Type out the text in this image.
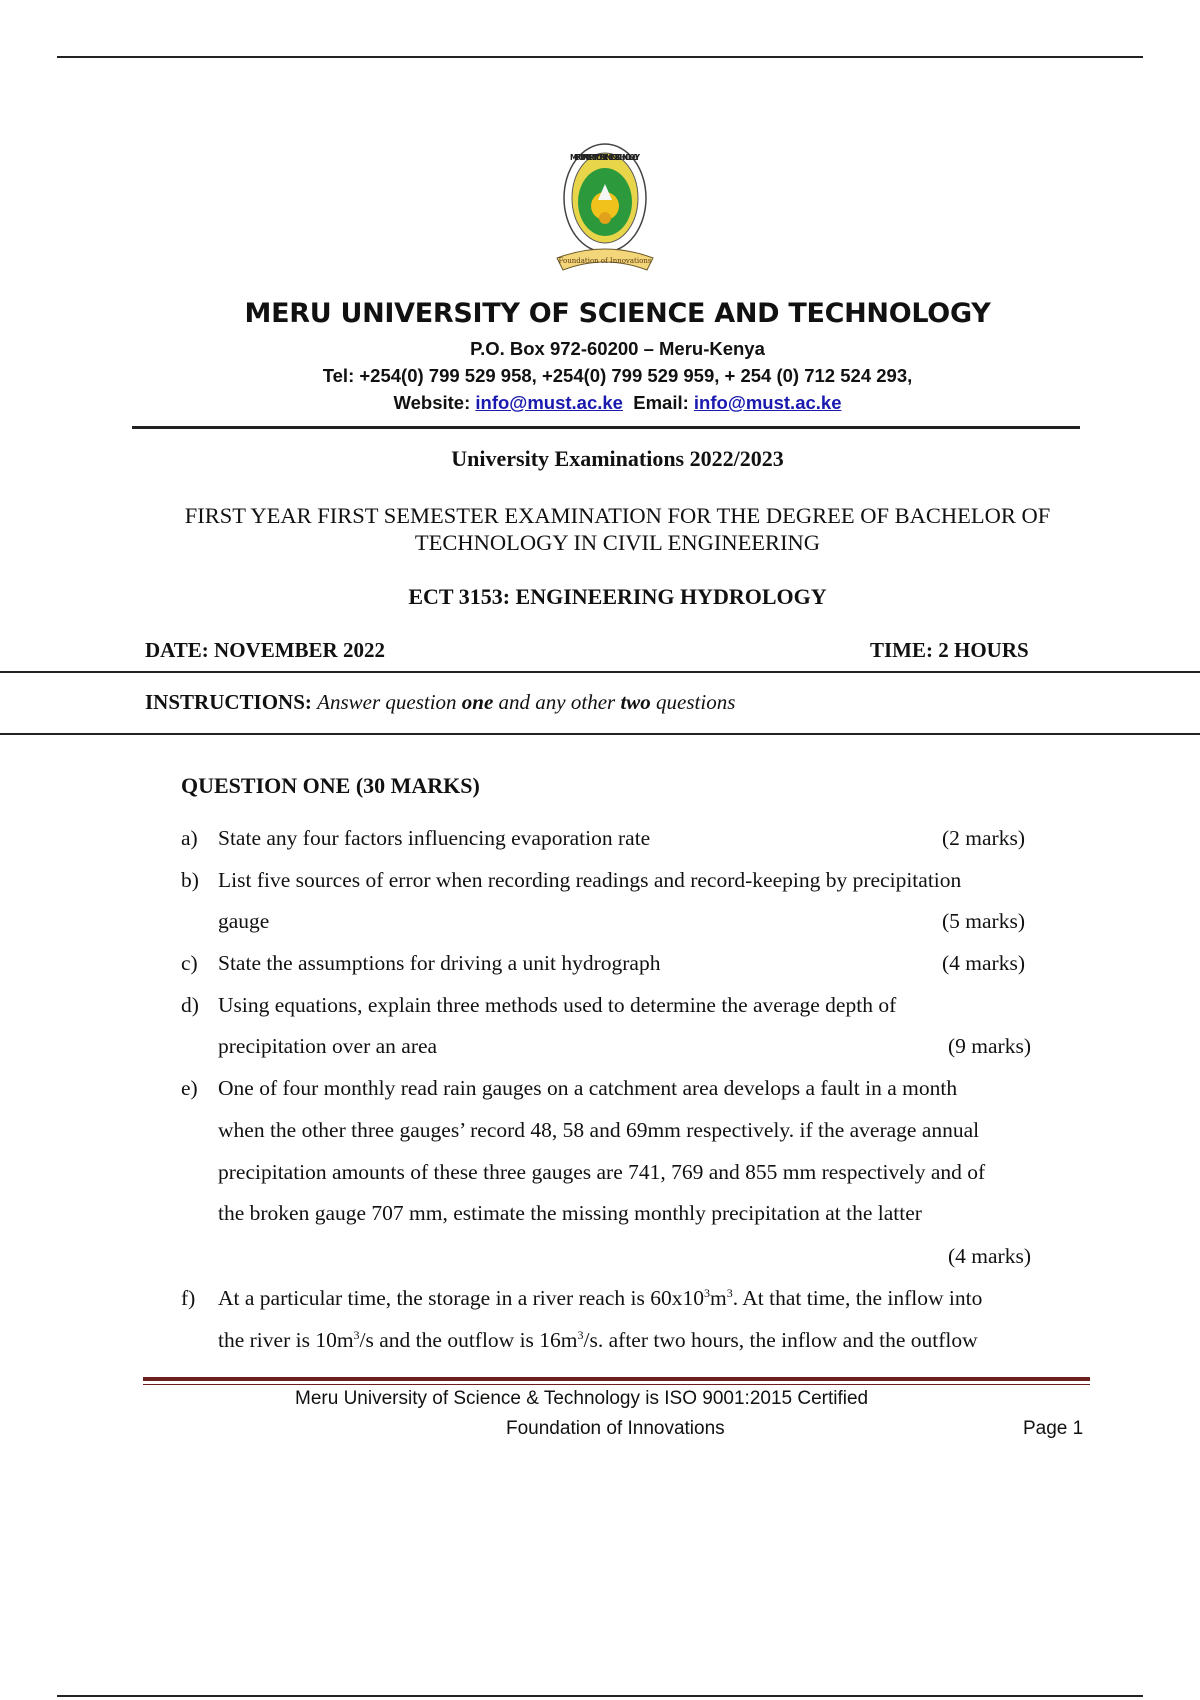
Foundation of Innovations
MERU UNIVERSITY OF SCIENCE & TECHNOLOGY
MERU UNIVERSITY OF SCIENCE AND TECHNOLOGY
P.O. Box 972-60200 – Meru-Kenya
Tel: +254(0) 799 529 958, +254(0) 799 529 959, + 254 (0) 712 524 293,
Website: info@must.ac.ke Email: info@must.ac.ke
University Examinations 2022/2023
FIRST YEAR FIRST SEMESTER EXAMINATION FOR THE DEGREE OF BACHELOR OF
TECHNOLOGY IN CIVIL ENGINEERING
ECT 3153: ENGINEERING HYDROLOGY
DATE: NOVEMBER 2022	TIME: 2 HOURS
INSTRUCTIONS: Answer question one and any other two questions
QUESTION ONE (30 MARKS)
a) State any four factors influencing evaporation rate	(2 marks)
b) List five sources of error when recording readings and record-keeping by precipitation
gauge	(5 marks)
c) State the assumptions for driving a unit hydrograph	(4 marks)
d) Using equations, explain three methods used to determine the average depth of
precipitation over an area	(9 marks)
e) One of four monthly read rain gauges on a catchment area develops a fault in a month
when the other three gauges’ record 48, 58 and 69mm respectively. if the average annual
precipitation amounts of these three gauges are 741, 769 and 855 mm respectively and of
the broken gauge 707 mm, estimate the missing monthly precipitation at the latter
(4 marks)
f) At a particular time, the storage in a river reach is $60x10^3m^3$. At that time, the inflow into
the river is $10m^3/s$ and the outflow is $16m^3/s$. after two hours, the inflow and the outflow
Meru University of Science & Technology is ISO 9001:2015 Certified
Foundation of Innovations	Page 1
